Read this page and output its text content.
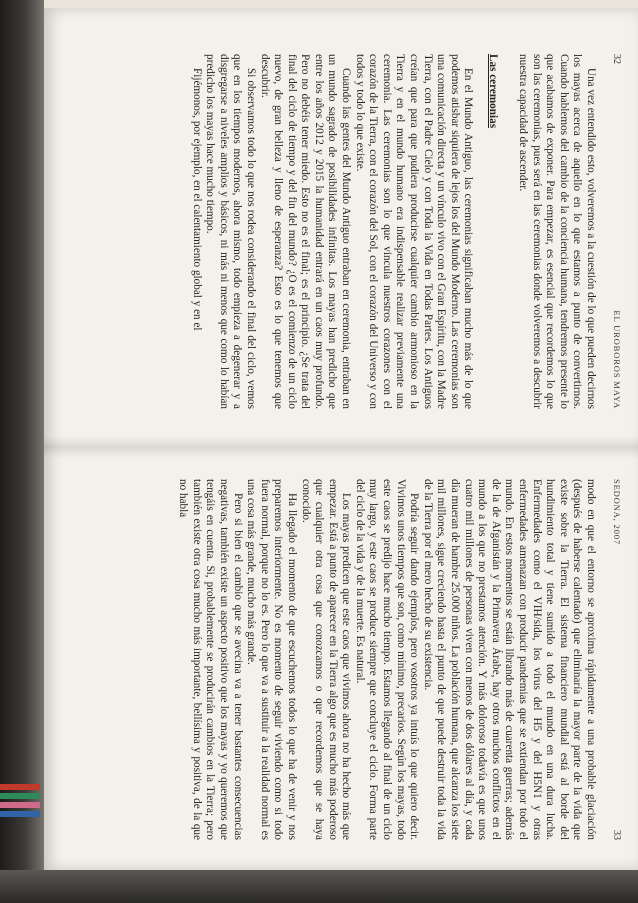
32
EL UROBOROS MAYA

Una vez entendido esto, volveremos a la cuestión de lo que pueden decirnos los mayas acerca de aquello en lo que estamos a punto de convertirnos. Cuando hablemos del cambio de la conciencia humana, tendremos presente lo que acabamos de exponer. Para empezar, es esencial que recordemos lo que son las ceremonias, pues será en las ceremonias donde volveremos a descubrir nuestra capacidad de ascender.

Las ceremonias

En el Mundo Antiguo, las ceremonias significaban mucho más de lo que podemos atisbar siquiera de lejos los del Mundo Moderno. Las ceremonias son una comunicación directa y un vínculo vivo con el Gran Espíritu, con la Madre Tierra, con el Padre Cielo y con Toda la Vida en Todas Partes. Los Antiguos creían que para que pudiera producirse cualquier cambio armonioso en la Tierra y en el mundo humano era indispensable realizar previamente una ceremonia. Las ceremonias son lo que vincula nuestros corazones con el corazón de la Tierra, con el corazón del Sol, con el corazón del Universo y con todos y todo lo que existe.

Cuando las gentes del Mundo Antiguo entraban en ceremonia, entraban en un mundo sagrado de posibilidades infinitas. Los mayas han predicho que entre los años 2012 y 2015 la humanidad entrará en un caos muy profundo. Pero no debéis tener miedo. Esto no es el final; es el principio. ¿Se trata del final del ciclo de tiempo y del fin del mundo? ¿O es el comienzo de un ciclo nuevo, de gran belleza y lleno de esperanza? Esto es lo que tenemos que descubrir.

Si observamos todo lo que nos rodea considerando el final del ciclo, vemos que en los tiempos modernos, ahora mismo, todo empieza a degenerar y a disgregarse a niveles amplios y básicos, ni más ni menos que como lo habían predicho los mayas hace mucho tiempo.

Fijémonos, por ejemplo, en el calentamiento global y en el

SEDONA, 2007
33

modo en que el entorno se aproxima rápidamente a una probable glaciación (después de haberse calentado) que eliminaría la mayor parte de la vida que existe sobre la Tierra. El sistema financiero mundial está al borde del hundimiento total y tiene sumido a todo el mundo en una dura lucha. Enfermedades como el VIH/sida, los virus del H5 y del H5N1 y otras enfermedades amenazan con producir pandemias que se extiendan por todo el mundo. En estos momentos se están librando más de cuarenta guerras; además de la de Afganistán y la Primavera Árabe, hay otros muchos conflictos en el mundo a los que no prestamos atención. Y más doloroso todavía es que unos cuatro mil millones de personas viven con menos de dos dólares al día, y cada día mueran de hambre 25.000 niños. La población humana, que alcanza los siete mil millones, sigue creciendo hasta el punto de que puede destruir toda la vida de la Tierra por el mero hecho de su existencia.

Podría seguir dando ejemplos, pero vosotros ya intuís lo que quiero decir. Vivimos unos tiempos que son, como mínimo, precarios. Según los mayas, todo este caos se predijo hace mucho tiempo. Estamos llegando al final de un ciclo muy largo, y este caos se produce siempre que concluye el ciclo. Forma parte del ciclo de la vida y de la muerte. Es natural.

Los mayas predicen que este caos que vivimos ahora no ha hecho más que empezar. Está a punto de aparecer en la Tierra algo que es mucho más poderoso que cualquier otra cosa que conozcamos o que recordemos que se haya conocido.

Ha llegado el momento de que escuchemos todos lo que ha de venir y nos preparemos interiormente. No es momento de seguir viviendo como si todo fuera normal, porque no lo es. Pero lo que va a sustituir a la realidad normal es una cosa más grande, mucho más grande.

Pero si bien el cambio que se avecina va a tener bastantes consecuencias negativas, también existe un aspecto positivo que los mayas y yo queremos que tengáis en cuenta. Si, probablemente se producirán cambios en la Tierra; pero también existe otra cosa mucho más importante, bellísima y positiva, de la que no habla
